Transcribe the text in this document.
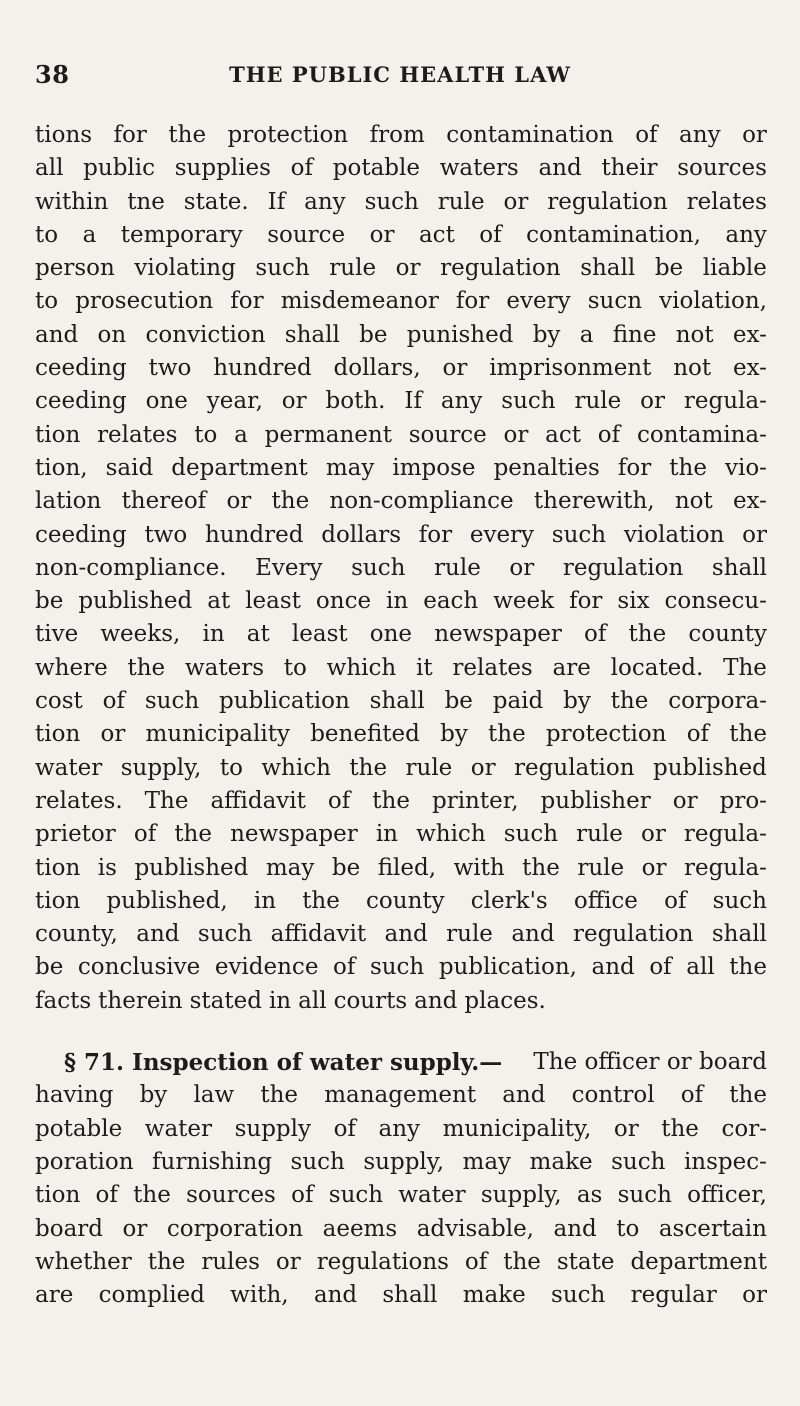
38	THE PUBLIC HEALTH LAW
tions for the protection from contamination of any or
all public supplies of potable waters and their sources
within tne state. If any such rule or regulation relates
to a temporary source or act of contamination, any
person violating such rule or regulation shall be liable
to prosecution for misdemeanor for every sucn violation,
and on conviction shall be punished by a fine not ex-
ceeding two hundred dollars, or imprisonment not ex-
ceeding one year, or both. If any such rule or regula-
tion relates to a permanent source or act of contamina-
tion, said department may impose penalties for the vio-
lation thereof or the non-compliance therewith, not ex-
ceeding two hundred dollars for every such violation or
non-compliance. Every such rule or regulation shall
be published at least once in each week for six consecu-
tive weeks, in at least one newspaper of the county
where the waters to which it relates are located. The
cost of such publication shall be paid by the corpora-
tion or municipality benefited by the protection of the
water supply, to which the rule or regulation published
relates. The affidavit of the printer, publisher or pro-
prietor of the newspaper in which such rule or regula-
tion is published may be filed, with the rule or regula-
tion published, in the county clerk's office of such
county, and such affidavit and rule and regulation shall
be conclusive evidence of such publication, and of all the
facts therein stated in all courts and places.
§ 71. Inspection of water supply.— The officer or board
having by law the management and control of the
potable water supply of any municipality, or the cor-
poration furnishing such supply, may make such inspec-
tion of the sources of such water supply, as such officer,
board or corporation aeems advisable, and to ascertain
whether the rules or regulations of the state department
are complied with, and shall make such regular or
